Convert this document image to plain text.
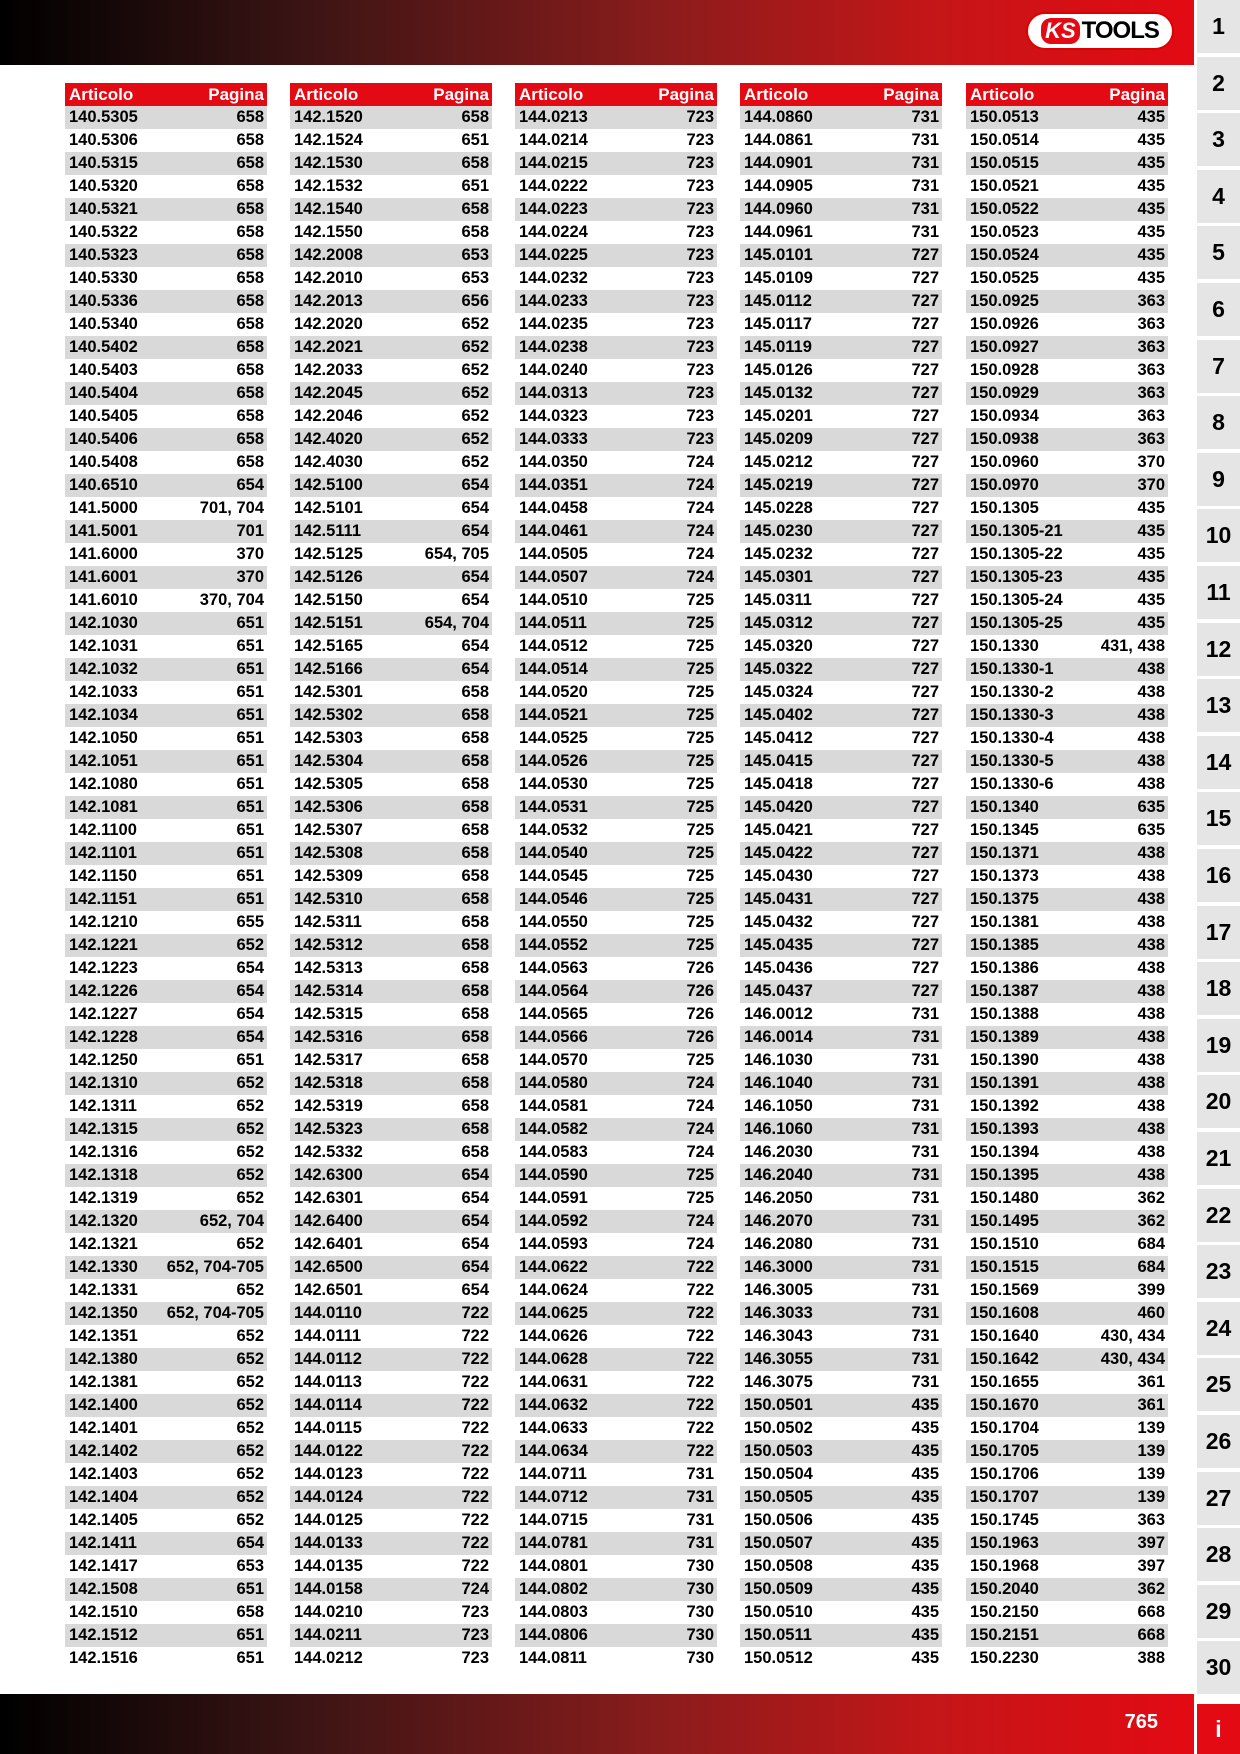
KS TOOLS
Articolo	Pagina
140.5305	658
140.5306	658
140.5315	658
140.5320	658
140.5321	658
140.5322	658
140.5323	658
140.5330	658
140.5336	658
140.5340	658
140.5402	658
140.5403	658
140.5404	658
140.5405	658
140.5406	658
140.5408	658
140.6510	654
141.5000	701, 704
141.5001	701
141.6000	370
141.6001	370
141.6010	370, 704
142.1030	651
142.1031	651
142.1032	651
142.1033	651
142.1034	651
142.1050	651
142.1051	651
142.1080	651
142.1081	651
142.1100	651
142.1101	651
142.1150	651
142.1151	651
142.1210	655
142.1221	652
142.1223	654
142.1226	654
142.1227	654
142.1228	654
142.1250	651
142.1310	652
142.1311	652
142.1315	652
142.1316	652
142.1318	652
142.1319	652
142.1320	652, 704
142.1321	652
142.1330 652, 704-705
142.1331	652
142.1350 652, 704-705
142.1351	652
142.1380	652
142.1381	652
142.1400	652
142.1401	652
142.1402	652
142.1403	652
142.1404	652
142.1405	652
142.1411	654
142.1417	653
142.1508	651
142.1510	658
142.1512	651
142.1516	651
Articolo	Pagina
142.1520	658
142.1524	651
142.1530	658
142.1532	651
142.1540	658
142.1550	658
142.2008	653
142.2010	653
142.2013	656
142.2020	652
142.2021	652
142.2033	652
142.2045	652
142.2046	652
142.4020	652
142.4030	652
142.5100	654
142.5101	654
142.5111	654
142.5125	654, 705
142.5126	654
142.5150	654
142.5151	654, 704
142.5165	654
142.5166	654
142.5301	658
142.5302	658
142.5303	658
142.5304	658
142.5305	658
142.5306	658
142.5307	658
142.5308	658
142.5309	658
142.5310	658
142.5311	658
142.5312	658
142.5313	658
142.5314	658
142.5315	658
142.5316	658
142.5317	658
142.5318	658
142.5319	658
142.5323	658
142.5332	658
142.6300	654
142.6301	654
142.6400	654
142.6401	654
142.6500	654
142.6501	654
144.0110	722
144.0111	722
144.0112	722
144.0113	722
144.0114	722
144.0115	722
144.0122	722
144.0123	722
144.0124	722
144.0125	722
144.0133	722
144.0135	722
144.0158	724
144.0210	723
144.0211	723
144.0212	723
Articolo	Pagina
144.0213	723
144.0214	723
144.0215	723
144.0222	723
144.0223	723
144.0224	723
144.0225	723
144.0232	723
144.0233	723
144.0235	723
144.0238	723
144.0240	723
144.0313	723
144.0323	723
144.0333	723
144.0350	724
144.0351	724
144.0458	724
144.0461	724
144.0505	724
144.0507	724
144.0510	725
144.0511	725
144.0512	725
144.0514	725
144.0520	725
144.0521	725
144.0525	725
144.0526	725
144.0530	725
144.0531	725
144.0532	725
144.0540	725
144.0545	725
144.0546	725
144.0550	725
144.0552	725
144.0563	726
144.0564	726
144.0565	726
144.0566	726
144.0570	725
144.0580	724
144.0581	724
144.0582	724
144.0583	724
144.0590	725
144.0591	725
144.0592	724
144.0593	724
144.0622	722
144.0624	722
144.0625	722
144.0626	722
144.0628	722
144.0631	722
144.0632	722
144.0633	722
144.0634	722
144.0711	731
144.0712	731
144.0715	731
144.0781	731
144.0801	730
144.0802	730
144.0803	730
144.0806	730
144.0811	730
Articolo	Pagina
144.0860	731
144.0861	731
144.0901	731
144.0905	731
144.0960	731
144.0961	731
145.0101	727
145.0109	727
145.0112	727
145.0117	727
145.0119	727
145.0126	727
145.0132	727
145.0201	727
145.0209	727
145.0212	727
145.0219	727
145.0228	727
145.0230	727
145.0232	727
145.0301	727
145.0311	727
145.0312	727
145.0320	727
145.0322	727
145.0324	727
145.0402	727
145.0412	727
145.0415	727
145.0418	727
145.0420	727
145.0421	727
145.0422	727
145.0430	727
145.0431	727
145.0432	727
145.0435	727
145.0436	727
145.0437	727
146.0012	731
146.0014	731
146.1030	731
146.1040	731
146.1050	731
146.1060	731
146.2030	731
146.2040	731
146.2050	731
146.2070	731
146.2080	731
146.3000	731
146.3005	731
146.3033	731
146.3043	731
146.3055	731
146.3075	731
150.0501	435
150.0502	435
150.0503	435
150.0504	435
150.0505	435
150.0506	435
150.0507	435
150.0508	435
150.0509	435
150.0510	435
150.0511	435
150.0512	435
Articolo	Pagina
150.0513	435
150.0514	435
150.0515	435
150.0521	435
150.0522	435
150.0523	435
150.0524	435
150.0525	435
150.0925	363
150.0926	363
150.0927	363
150.0928	363
150.0929	363
150.0934	363
150.0938	363
150.0960	370
150.0970	370
150.1305	435
150.1305-21	435
150.1305-22	435
150.1305-23	435
150.1305-24	435
150.1305-25	435
150.1330	431, 438
150.1330-1	438
150.1330-2	438
150.1330-3	438
150.1330-4	438
150.1330-5	438
150.1330-6	438
150.1340	635
150.1345	635
150.1371	438
150.1373	438
150.1375	438
150.1381	438
150.1385	438
150.1386	438
150.1387	438
150.1388	438
150.1389	438
150.1390	438
150.1391	438
150.1392	438
150.1393	438
150.1394	438
150.1395	438
150.1480	362
150.1495	362
150.1510	684
150.1515	684
150.1569	399
150.1608	460
150.1640	430, 434
150.1642	430, 434
150.1655	361
150.1670	361
150.1704	139
150.1705	139
150.1706	139
150.1707	139
150.1745	363
150.1963	397
150.1968	397
150.2040	362
150.2150	668
150.2151	668
150.2230	388
1
2
3
4
5
6
7
8
9
10
11
12
13
14
15
16
17
18
19
20
21
22
23
24
25
26
27
28
29
30
i
765
